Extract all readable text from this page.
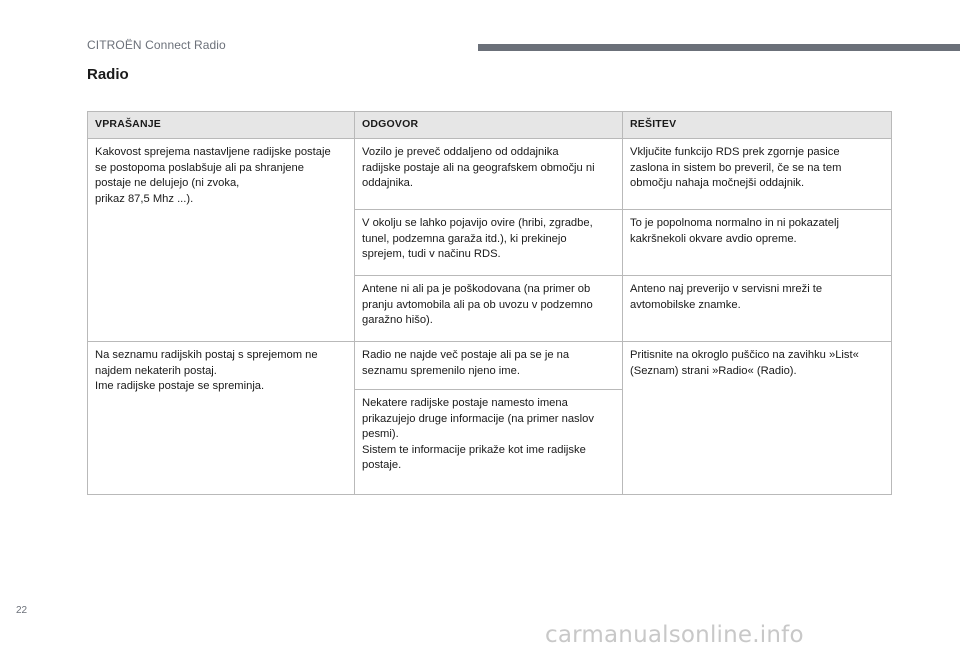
CITROËN Connect Radio
Radio
VPRAŠANJE	ODGOVOR	REŠITEV

Kakovost sprejema nastavljene radijske postaje
se postopoma poslabšuje ali pa shranjene
postaje ne delujejo (ni zvoka,
prikaz 87,5 Mhz ...).	Vozilo je preveč oddaljeno od oddajnika
radijske postaje ali na geografskem območju ni
oddajnika.	Vključite funkcijo RDS prek zgornje pasice
zaslona in sistem bo preveril, če se na tem
območju nahaja močnejši oddajnik.

	V okolju se lahko pojavijo ovire (hribi, zgradbe,
tunel, podzemna garaža itd.), ki prekinejo
sprejem, tudi v načinu RDS.	To je popolnoma normalno in ni pokazatelj
kakršnekoli okvare avdio opreme.

	Antene ni ali pa je poškodovana (na primer ob
pranju avtomobila ali pa ob uvozu v podzemno
garažno hišo).	Anteno naj preverijo v servisni mreži te
avtomobilske znamke.

Na seznamu radijskih postaj s sprejemom ne
najdem nekaterih postaj.
Ime radijske postaje se spreminja.	Radio ne najde več postaje ali pa se je na
seznamu spremenilo njeno ime.	Pritisnite na okroglo puščico na zavihku »List«
(Seznam) strani »Radio« (Radio).

	Nekatere radijske postaje namesto imena
prikazujejo druge informacije (na primer naslov
pesmi).
Sistem te informacije prikaže kot ime radijske
postaje.	
22
carmanualsonline.info
